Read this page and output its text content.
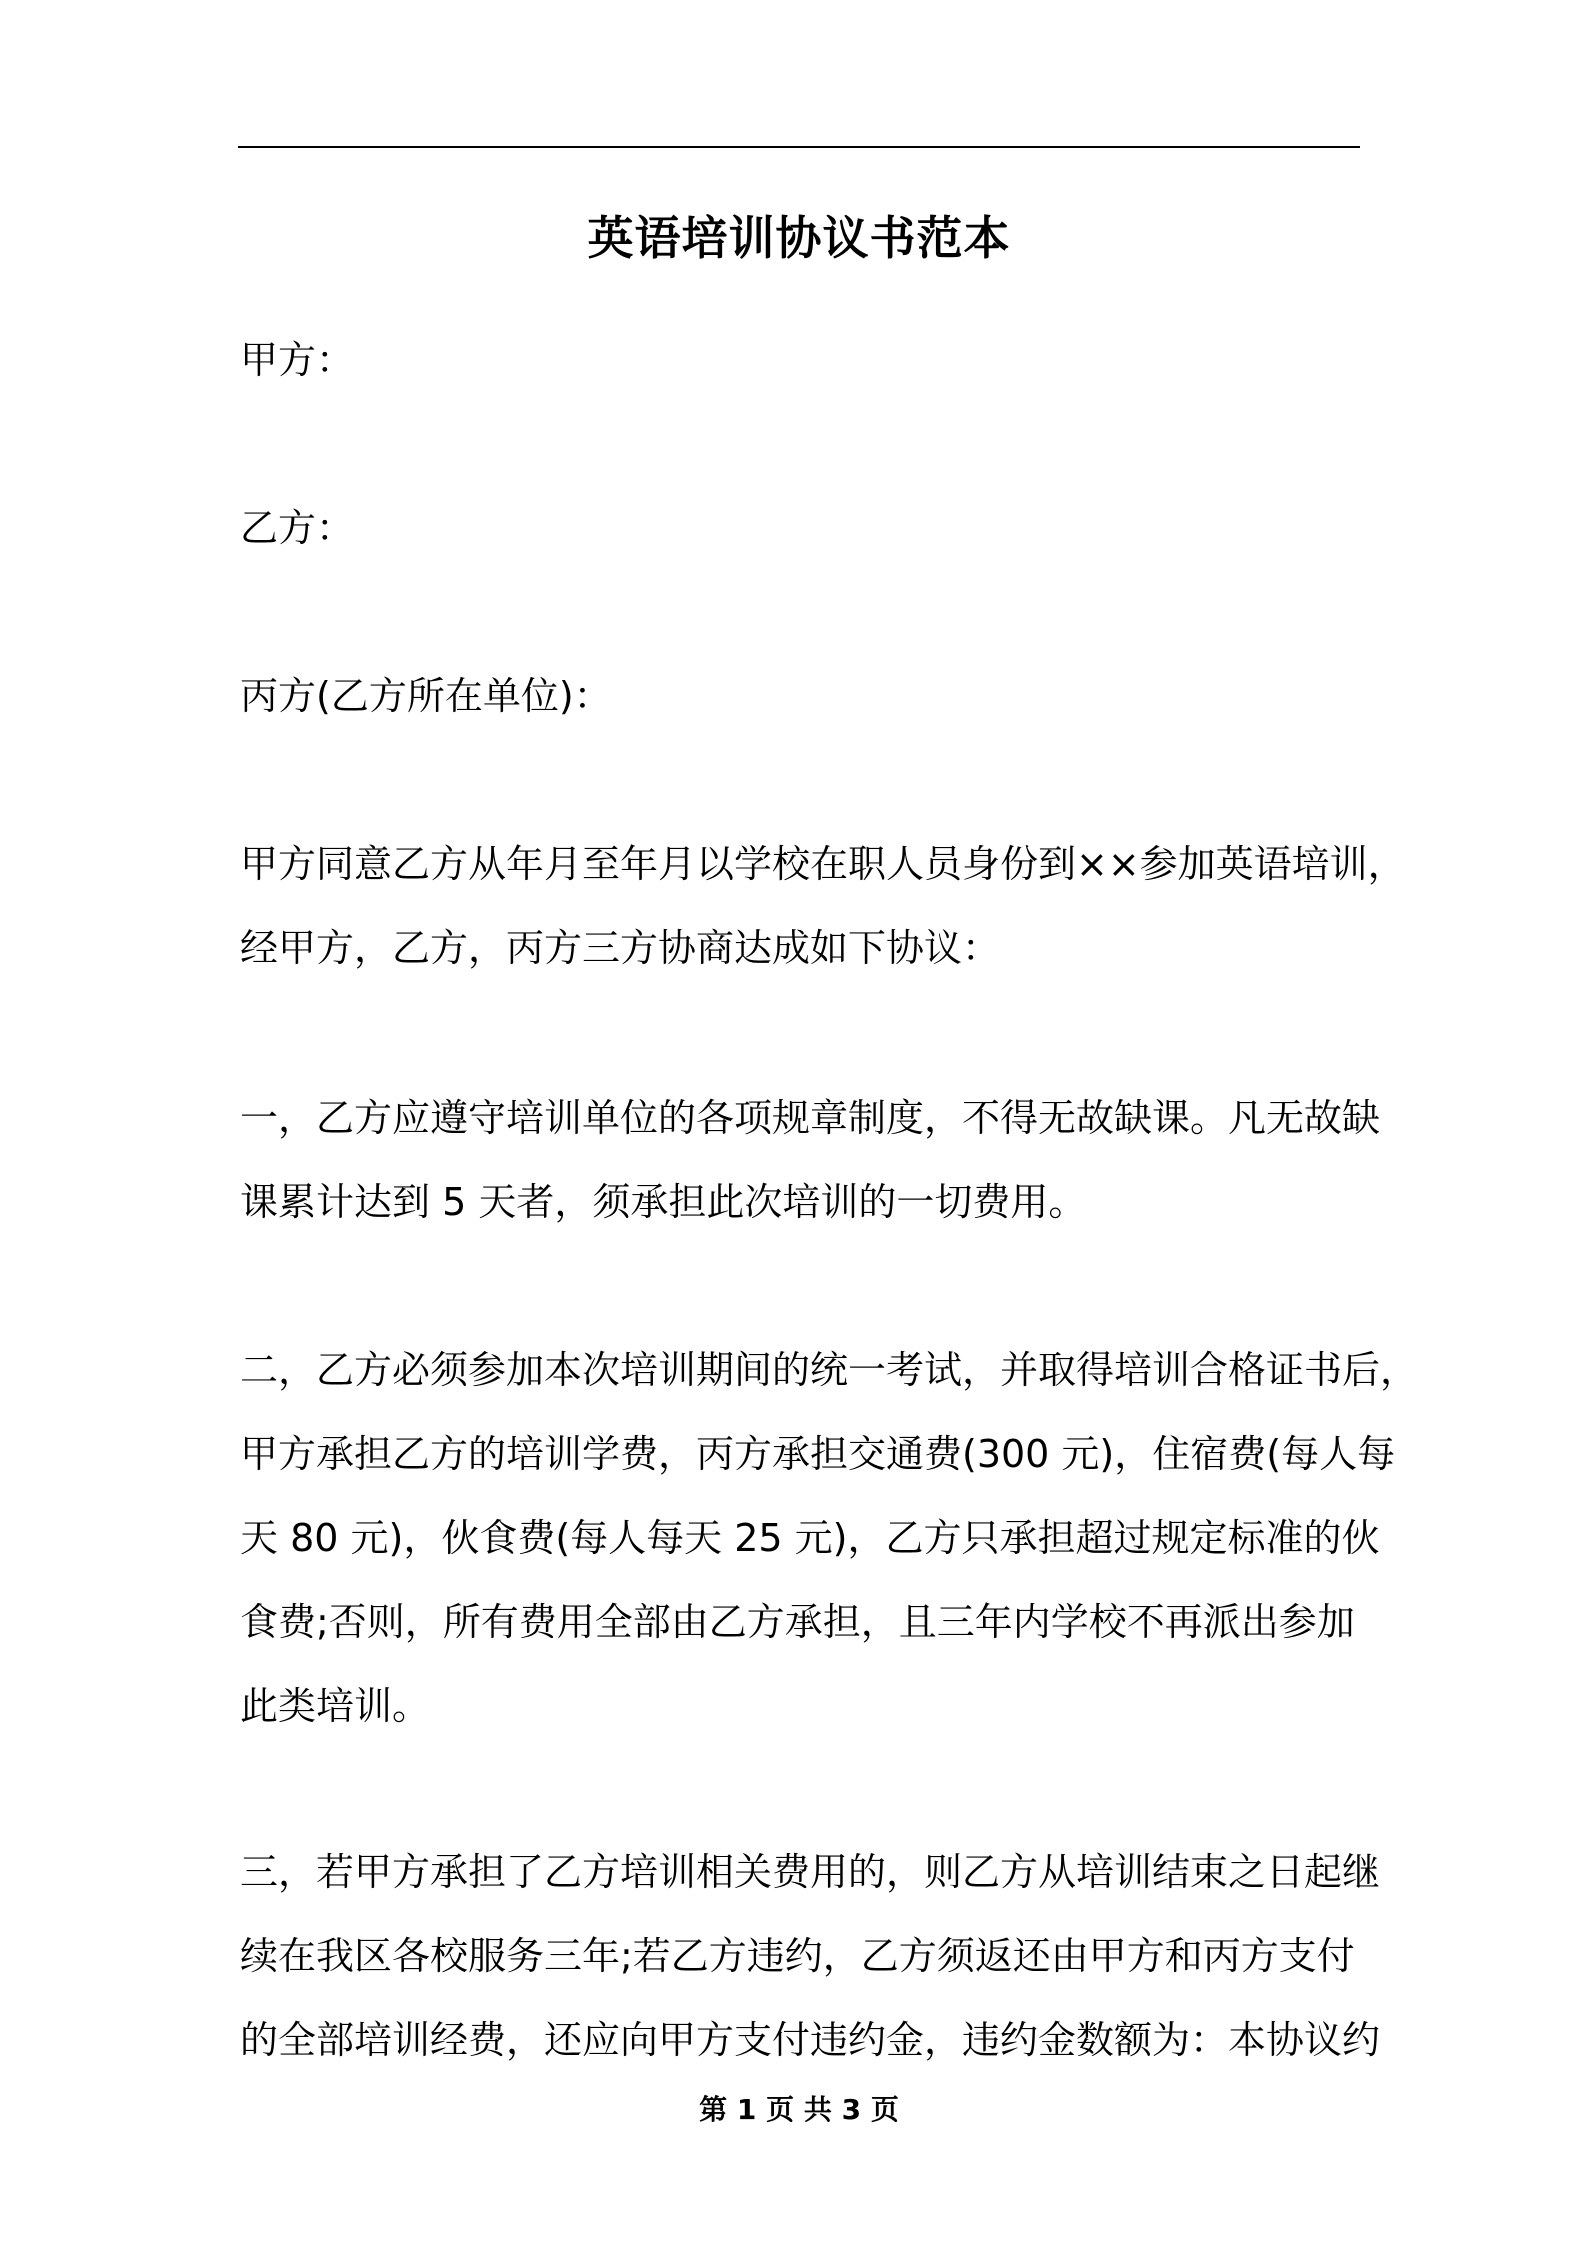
英语培训协议书范本
甲方：
乙方：
丙方(乙方所在单位)：
甲方同意乙方从年月至年月以学校在职人员身份到××参加英语培训，
经甲方，乙方，丙方三方协商达成如下协议：
一，乙方应遵守培训单位的各项规章制度，不得无故缺课。凡无故缺
课累计达到 5 天者，须承担此次培训的一切费用。
二，乙方必须参加本次培训期间的统一考试，并取得培训合格证书后，
甲方承担乙方的培训学费，丙方承担交通费(300 元)，住宿费(每人每
天 80 元)，伙食费(每人每天 25 元)，乙方只承担超过规定标准的伙
食费;否则，所有费用全部由乙方承担，且三年内学校不再派出参加
此类培训。
三，若甲方承担了乙方培训相关费用的，则乙方从培训结束之日起继
续在我区各校服务三年;若乙方违约，乙方须返还由甲方和丙方支付
的全部培训经费，还应向甲方支付违约金，违约金数额为：本协议约
第 1 页 共 3 页
